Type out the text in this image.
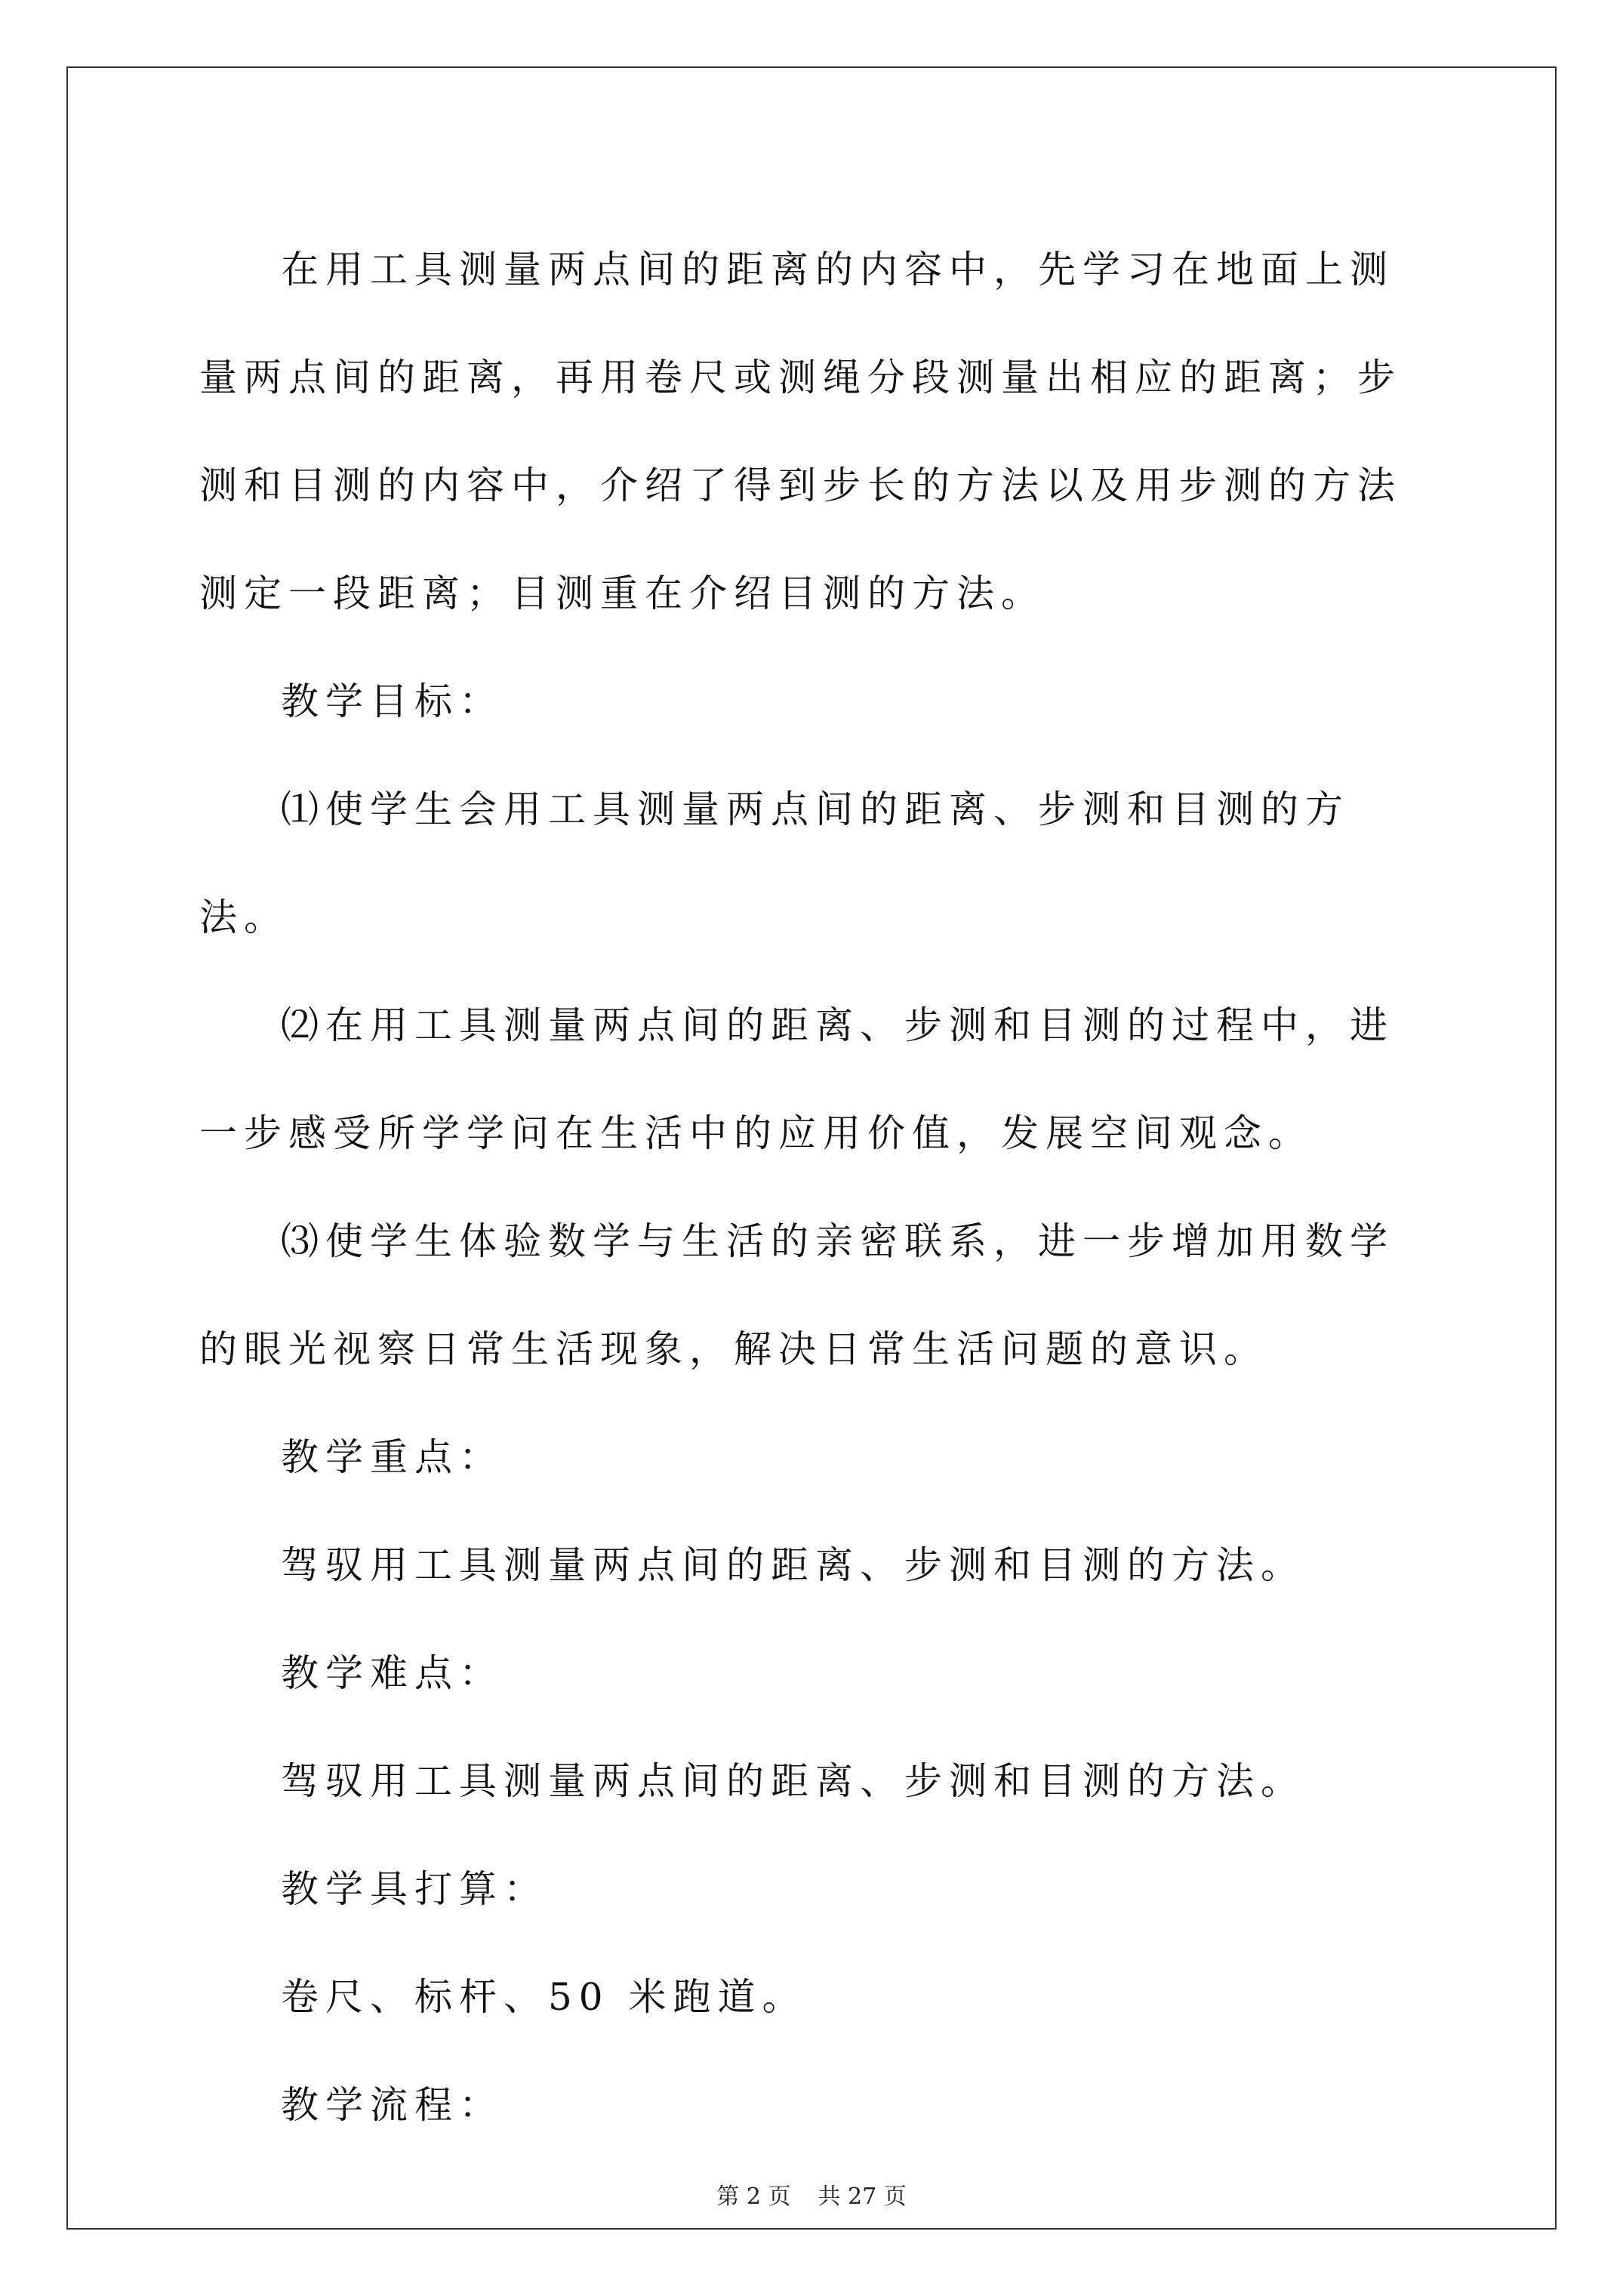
在用工具测量两点间的距离的内容中，先学习在地面上测量两点间的距离，再用卷尺或测绳分段测量出相应的距离；步测和目测的内容中，介绍了得到步长的方法以及用步测的方法测定一段距离；目测重在介绍目测的方法。

教学目标：

⑴使学生会用工具测量两点间的距离、步测和目测的方法。

⑵在用工具测量两点间的距离、步测和目测的过程中，进一步感受所学学问在生活中的应用价值，发展空间观念。

⑶使学生体验数学与生活的亲密联系，进一步增加用数学的眼光视察日常生活现象，解决日常生活问题的意识。

教学重点：

驾驭用工具测量两点间的距离、步测和目测的方法。

教学难点：

驾驭用工具测量两点间的距离、步测和目测的方法。

教学具打算：

卷尺、标杆、50 米跑道。

教学流程：

第 2 页 共 27 页
